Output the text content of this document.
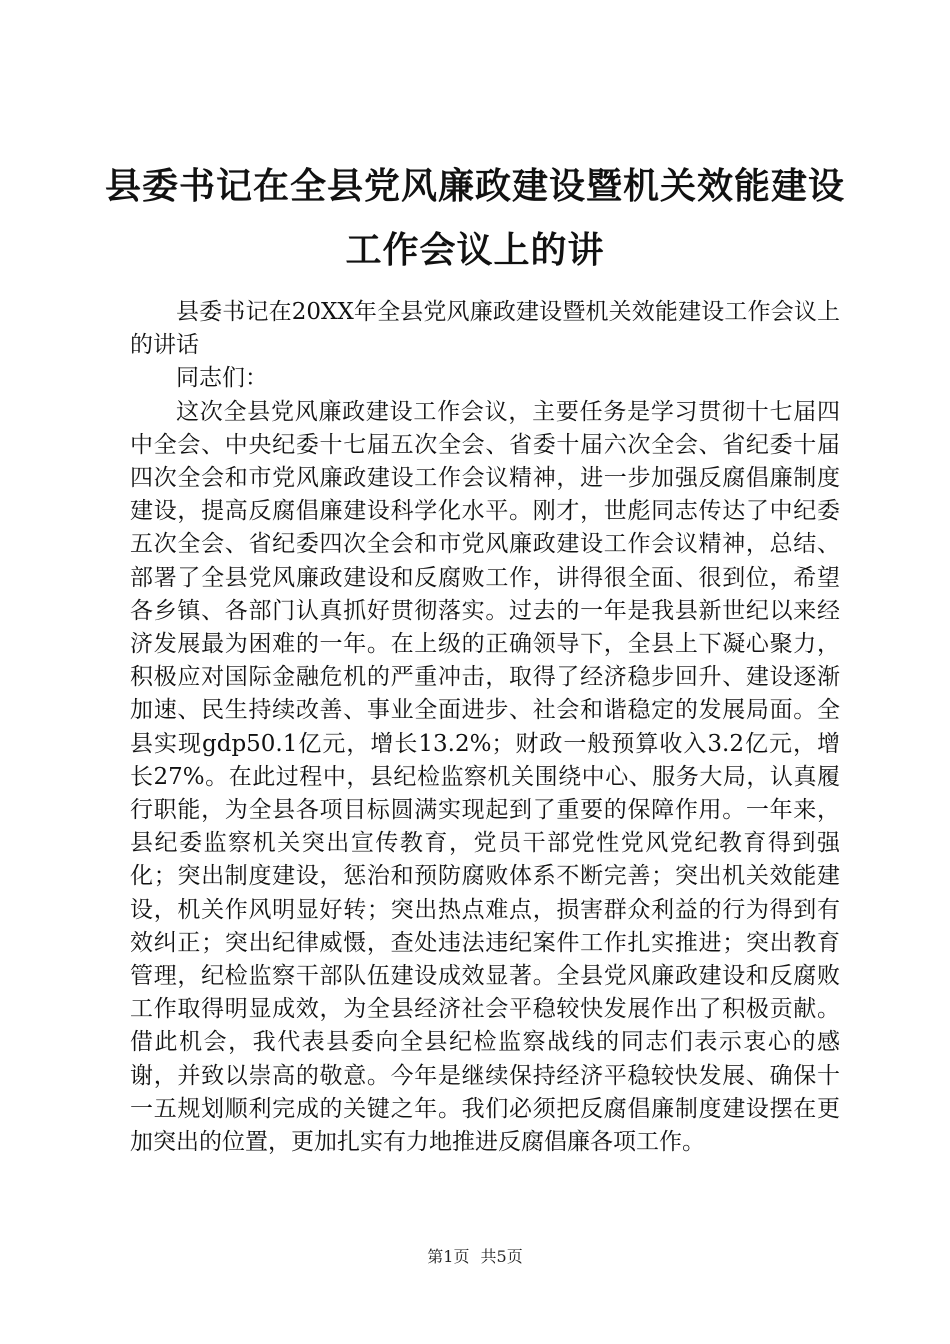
县委书记在全县党风廉政建设暨机关效能建设
工作会议上的讲

县委书记在20XX年全县党风廉政建设暨机关效能建设工作会议上的讲话

同志们：

这次全县党风廉政建设工作会议，主要任务是学习贯彻十七届四中全会、中央纪委十七届五次全会、省委十届六次全会、省纪委十届四次全会和市党风廉政建设工作会议精神，进一步加强反腐倡廉制度建设，提高反腐倡廉建设科学化水平。刚才，世彪同志传达了中纪委五次全会、省纪委四次全会和市党风廉政建设工作会议精神，总结、部署了全县党风廉政建设和反腐败工作，讲得很全面、很到位，希望各乡镇、各部门认真抓好贯彻落实。过去的一年是我县新世纪以来经济发展最为困难的一年。在上级的正确领导下，全县上下凝心聚力，积极应对国际金融危机的严重冲击，取得了经济稳步回升、建设逐渐加速、民生持续改善、事业全面进步、社会和谐稳定的发展局面。全县实现gdp50.1亿元，增长13.2%；财政一般预算收入3.2亿元，增长27%。在此过程中，县纪检监察机关围绕中心、服务大局，认真履行职能，为全县各项目标圆满实现起到了重要的保障作用。一年来，县纪委监察机关突出宣传教育，党员干部党性党风党纪教育得到强化；突出制度建设，惩治和预防腐败体系不断完善；突出机关效能建设，机关作风明显好转；突出热点难点，损害群众利益的行为得到有效纠正；突出纪律威慑，查处违法违纪案件工作扎实推进；突出教育管理，纪检监察干部队伍建设成效显著。全县党风廉政建设和反腐败工作取得明显成效，为全县经济社会平稳较快发展作出了积极贡献。借此机会，我代表县委向全县纪检监察战线的同志们表示衷心的感谢，并致以崇高的敬意。今年是继续保持经济平稳较快发展、确保十一五规划顺利完成的关键之年。我们必须把反腐倡廉制度建设摆在更加突出的位置，更加扎实有力地推进反腐倡廉各项工作。

第1页 共5页
